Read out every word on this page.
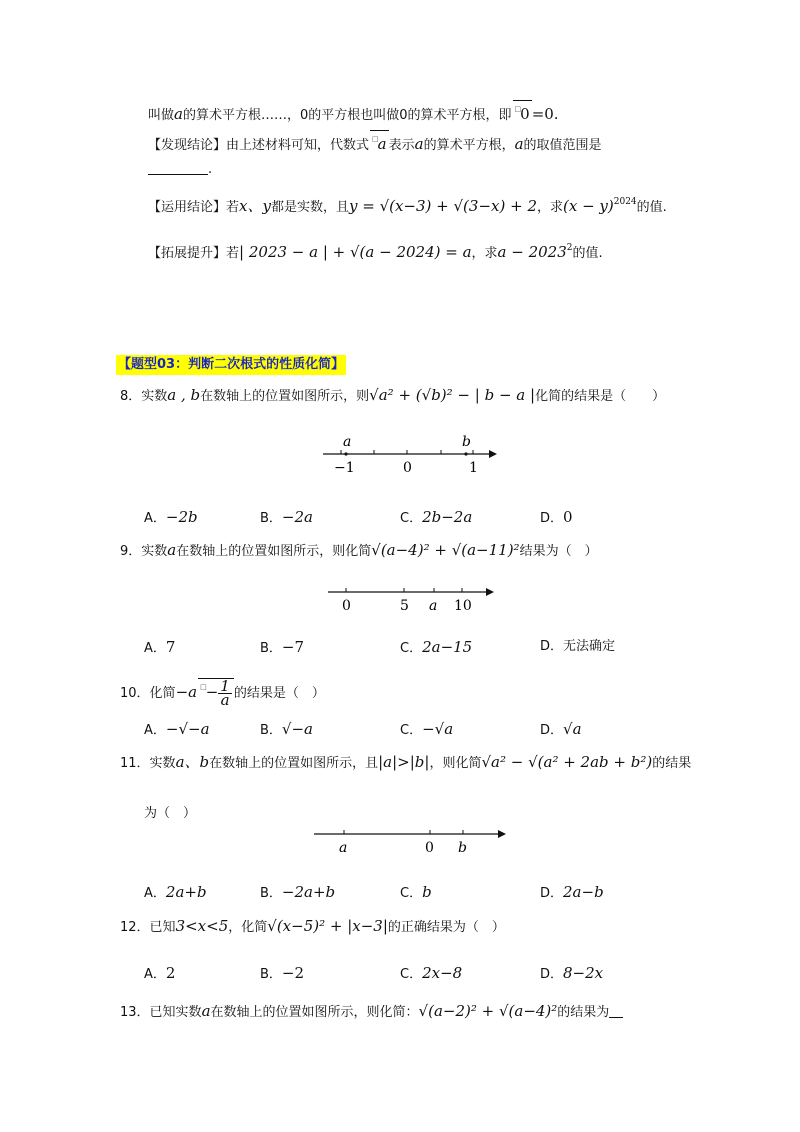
叫做a的算术平方根……，0的平方根也叫做0的算术平方根，即 □0 =0.
【发现结论】由上述材料可知，代数式 □a 表示a的算术平方根，a的取值范围是
.
【运用结论】若x、y都是实数，且y = √(x−3) + √(3−x) + 2，求$(x - y)^{2024}$的值.
【拓展提升】若| 2023 − a | + √(a − 2024) = a，求$a - 2023^2$的值.
【题型03：判断二次根式的性质化简】
8．实数a , b在数轴上的位置如图所示，则√a² + (√b)² − | b − a |化简的结果是（　　）
a	b
−1	0	1
A．−2b	B．−2a	C．2b−2a	D．0
9．实数a在数轴上的位置如图所示，则化简√(a−4)² + √(a−11)²结果为（　）
0	5 a 10
A．7	B．−7	C．2a−15	D．无法确定
10．化简−a $^□- \frac{1}{a}$ 的结果是（　）
A．−√−a	B．√−a	C．−√a	D．√a
11．实数a、b在数轴上的位置如图所示，且|a|>|b|，则化简√a² − √(a² + 2ab + b²)的结果
为（　）
a	0 b
A．2a+b	B．−2a+b	C．b	D．2a−b
12．已知3<x<5，化简√(x−5)² + |x−3|的正确结果为（　）
A．2	B．−2	C．2x−8	D．8−2x
13．已知实数a在数轴上的位置如图所示，则化简：√(a−2)² + √(a−4)²的结果为
